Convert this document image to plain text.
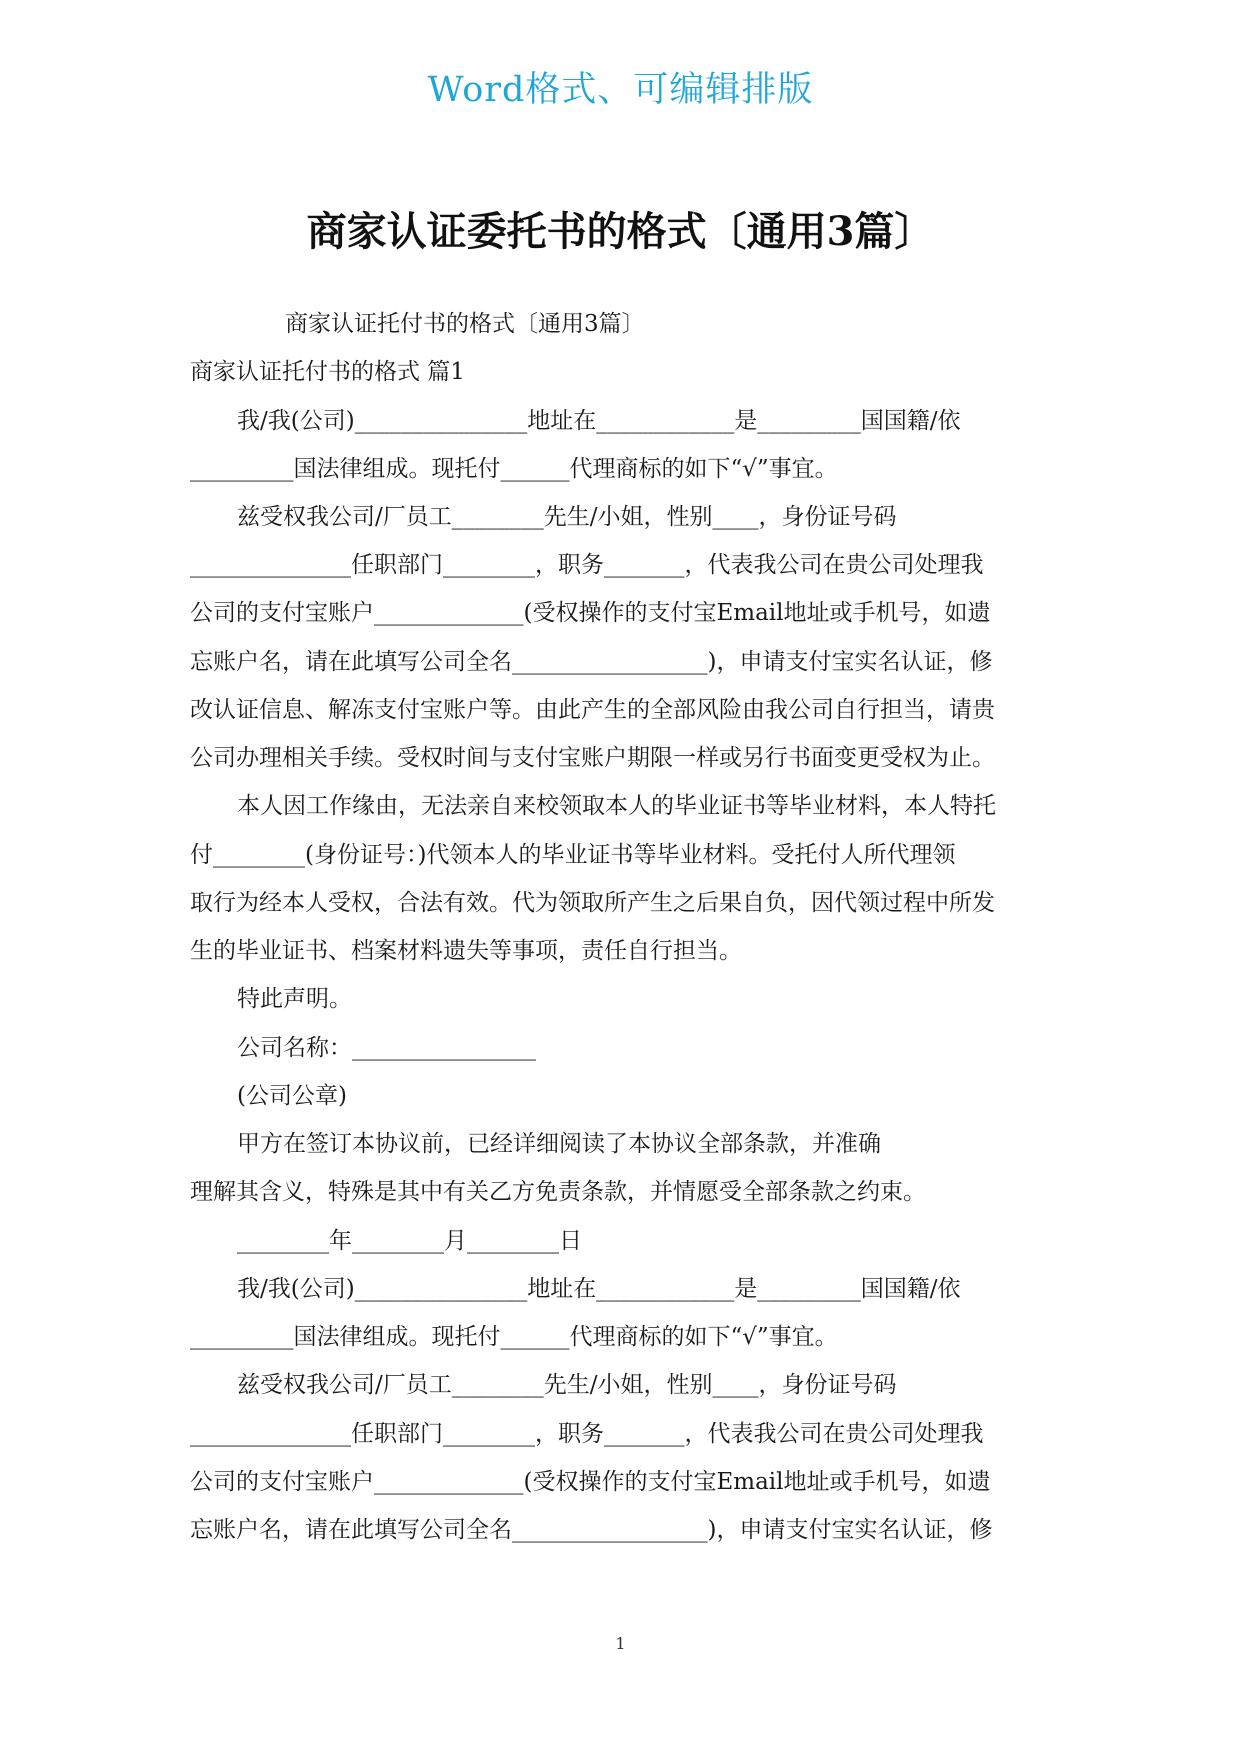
Word格式、可编辑排版
商家认证委托书的格式〔通用3篇〕
商家认证托付书的格式〔通用3篇〕
商家认证托付书的格式 篇1
我/我(公司)_______________地址在____________是_________国国籍/依
_________国法律组成。现托付______代理商标的如下“√”事宜。
兹受权我公司/厂员工________先生/小姐，性别____，身份证号码
______________任职部门________，职务_______，代表我公司在贵公司处理我
公司的支付宝账户_____________(受权操作的支付宝Email地址或手机号，如遗
忘账户名，请在此填写公司全名_________________)，申请支付宝实名认证，修
改认证信息、解冻支付宝账户等。由此产生的全部风险由我公司自行担当，请贵
公司办理相关手续。受权时间与支付宝账户期限一样或另行书面变更受权为止。
本人因工作缘由，无法亲自来校领取本人的毕业证书等毕业材料，本人特托
付________(身份证号：)代领本人的毕业证书等毕业材料。受托付人所代理领
取行为经本人受权，合法有效。代为领取所产生之后果自负，因代领过程中所发
生的毕业证书、档案材料遗失等事项，责任自行担当。
特此声明。
公司名称：________________
(公司公章)
甲方在签订本协议前，已经详细阅读了本协议全部条款，并准确
理解其含义，特殊是其中有关乙方免责条款，并情愿受全部条款之约束。
________年________月________日
我/我(公司)_______________地址在____________是_________国国籍/依
_________国法律组成。现托付______代理商标的如下“√”事宜。
兹受权我公司/厂员工________先生/小姐，性别____，身份证号码
______________任职部门________，职务_______，代表我公司在贵公司处理我
公司的支付宝账户_____________(受权操作的支付宝Email地址或手机号，如遗
忘账户名，请在此填写公司全名_________________)，申请支付宝实名认证，修
1
